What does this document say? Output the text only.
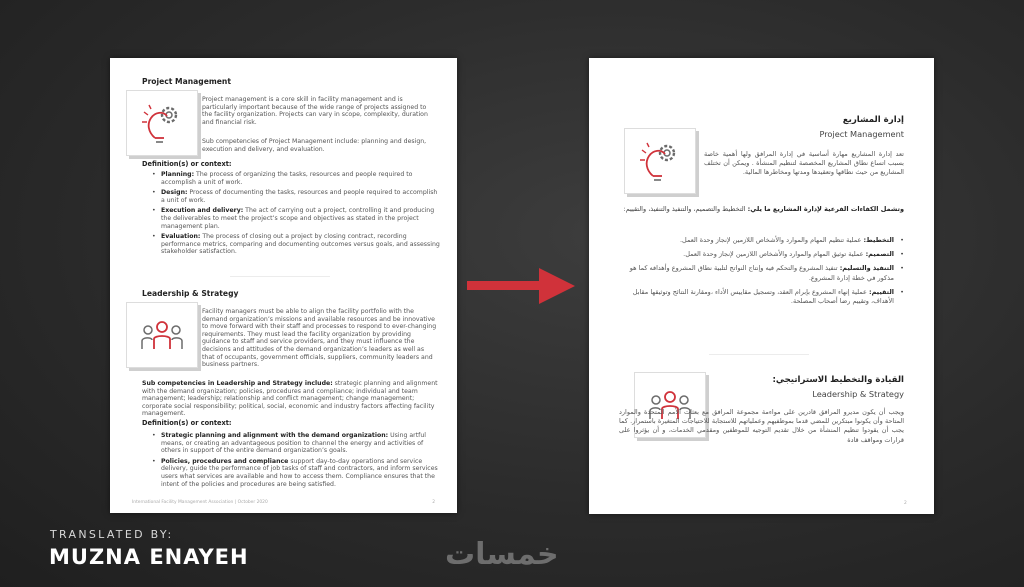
Project Management
Project management is a core skill in facility management and is particularly important because of the wide range of projects assigned to the facility organization. Projects can vary in scope, complexity, duration and financial risk.
Sub competencies of Project Management include: planning and design, execution and delivery, and evaluation.
Definition(s) or context:
• Planning: The process of organizing the tasks, resources and people required to accomplish a unit of work.
• Design: Process of documenting the tasks, resources and people required to accomplish a unit of work.
• Execution and delivery: The act of carrying out a project, controlling it and producing the deliverables to meet the project’s scope and objectives as stated in the project management plan.
• Evaluation: The process of closing out a project by closing contract, recording performance metrics, comparing and documenting outcomes versus goals, and assessing stakeholder satisfaction.
Leadership & Strategy
Facility managers must be able to align the facility portfolio with the demand organization’s missions and available resources and be innovative to move forward with their staff and processes to respond to ever-changing requirements. They must lead the facility organization by providing guidance to staff and service providers, and they must influence the decisions and attitudes of the demand organization’s leaders as well as that of occupants, government officials, suppliers, community leaders and business partners.
Sub competencies in Leadership and Strategy include: strategic planning and alignment with the demand organization; policies, procedures and compliance; individual and team management; leadership; relationship and conflict management; change management; corporate social responsibility; political, social, economic and industry factors affecting facility management.
Definition(s) or context:
• Strategic planning and alignment with the demand organization: Using artful means, or creating an advantageous position to channel the energy and activities of others in support of the entire demand organization’s goals.
• Policies, procedures and compliance support day-to-day operations and service delivery, guide the performance of job tasks of staff and contractors, and inform services users what services are available and how to access them. Compliance ensures that the intent of the policies and procedures are being satisfied.
International Facility Management Association | October 2020	2
إدارة المشاريع
Project Management
تعد إدارة المشاريع مهارة أساسية في إدارة المرافق ولها أهمية خاصة بسبب اتساع نطاق المشاريع المخصصة لتنظيم المنشأة . ويمكن أن تختلف المشاريع من حيث نطاقها وتعقيدها ومدتها ومخاطرها المالية.
وتشمل الكفاءات الفرعية لإدارة المشاريع ما يلي: التخطيط والتصميم، والتنفيذ والتنفيذ، والتقييم:
• التخطيط: عملية تنظيم المهام والموارد والأشخاص اللازمين لإنجاز وحدة العمل.
• التصميم: عملية توثيق المهام والموارد والأشخاص اللازمين لإنجاز وحدة العمل.
• التنفيذ والتسليم: تنفيذ المشروع والتحكم فيه وإنتاج النواتج لتلبية نطاق المشروع وأهدافه كما هو مذكور في خطة إدارة المشروع.
• التقييم: عملية إنهاء المشروع بإبرام العقد، وتسجيل مقاييس الأداء ،ومقارنة النتائج وتوثيقها مقابل الأهداف، وتقييم رضا أصحاب المصلحة.
القيادة والتخطيط الاستراتيجي:
Leadership & Strategy
ويجب أن يكون مديرو المرافق قادرين على مواءمة مجموعة المرافق مع بعثات الأمم المتحدة والموارد المتاحة وأن يكونوا مبتكرين للمضي قدما بموظفيهم وعملياتهم للاستجابة للاحتياجات المتغيرة باستمرار. كما يجب أن يقودوا تنظيم المنشأة من خلال تقديم التوجيه للموظفين ومقدمي الخدمات، و أن يؤثروا على قرارات ومواقف قادة
2
TRANSLATED BY:
MUZNA ENAYEH	خمسات
